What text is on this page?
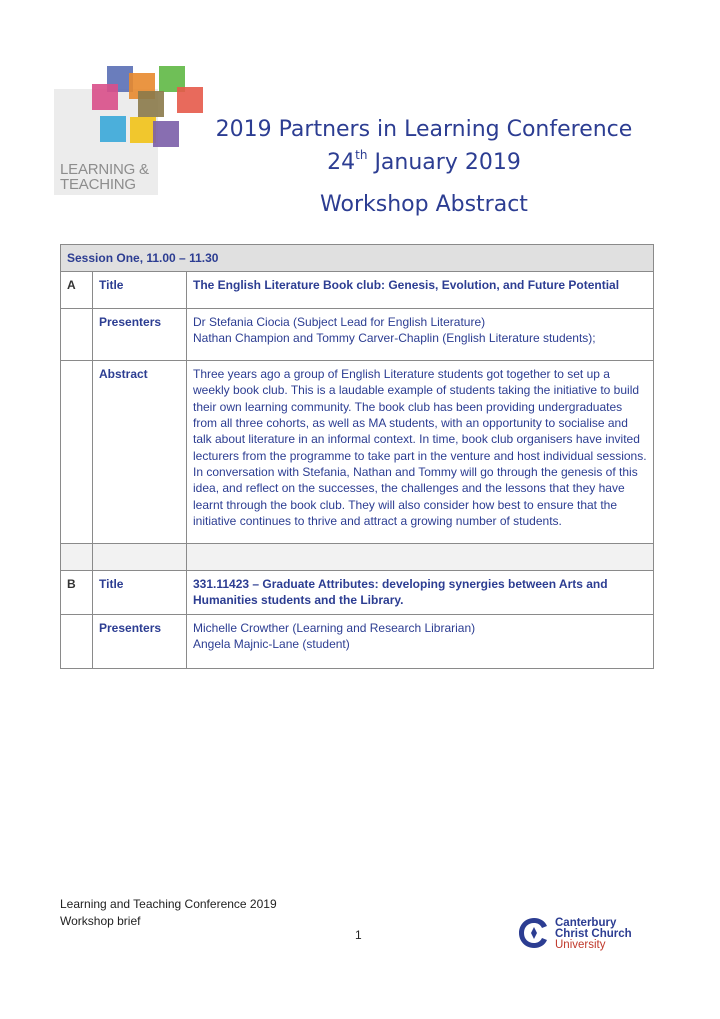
LEARNING &
TEACHING
2019 Partners in Learning Conference
24th January 2019
Workshop Abstract
Session One, 11.00 – 11.30		
A	Title	The English Literature Book club: Genesis, Evolution, and Future Potential
	Presenters	Dr Stefania Ciocia (Subject Lead for English Literature)
Nathan Champion and Tommy Carver-Chaplin (English Literature students);

	Abstract	Three years ago a group of English Literature students got together to set up a weekly book club. This is a laudable example of students taking the initiative to build their own learning community. The book club has been providing undergraduates from all three cohorts, as well as MA students, with an opportunity to socialise and talk about literature in an informal context. In time, book club organisers have invited lecturers from the programme to take part in the venture and host individual sessions. In conversation with Stefania, Nathan and Tommy will go through the genesis of this idea, and reflect on the successes, the challenges and the lessons that they have learnt through the book club. They will also consider how best to ensure that the initiative continues to thrive and attract a growing number of students.

B	Title	331.11423 – Graduate Attributes: developing synergies between Arts and Humanities students and the Library.
	Presenters	Michelle Crowther (Learning and Research Librarian)
Angela Majnic-Lane (student)
Learning and Teaching Conference 2019
Workshop brief
1
Canterbury
Christ Church
University
